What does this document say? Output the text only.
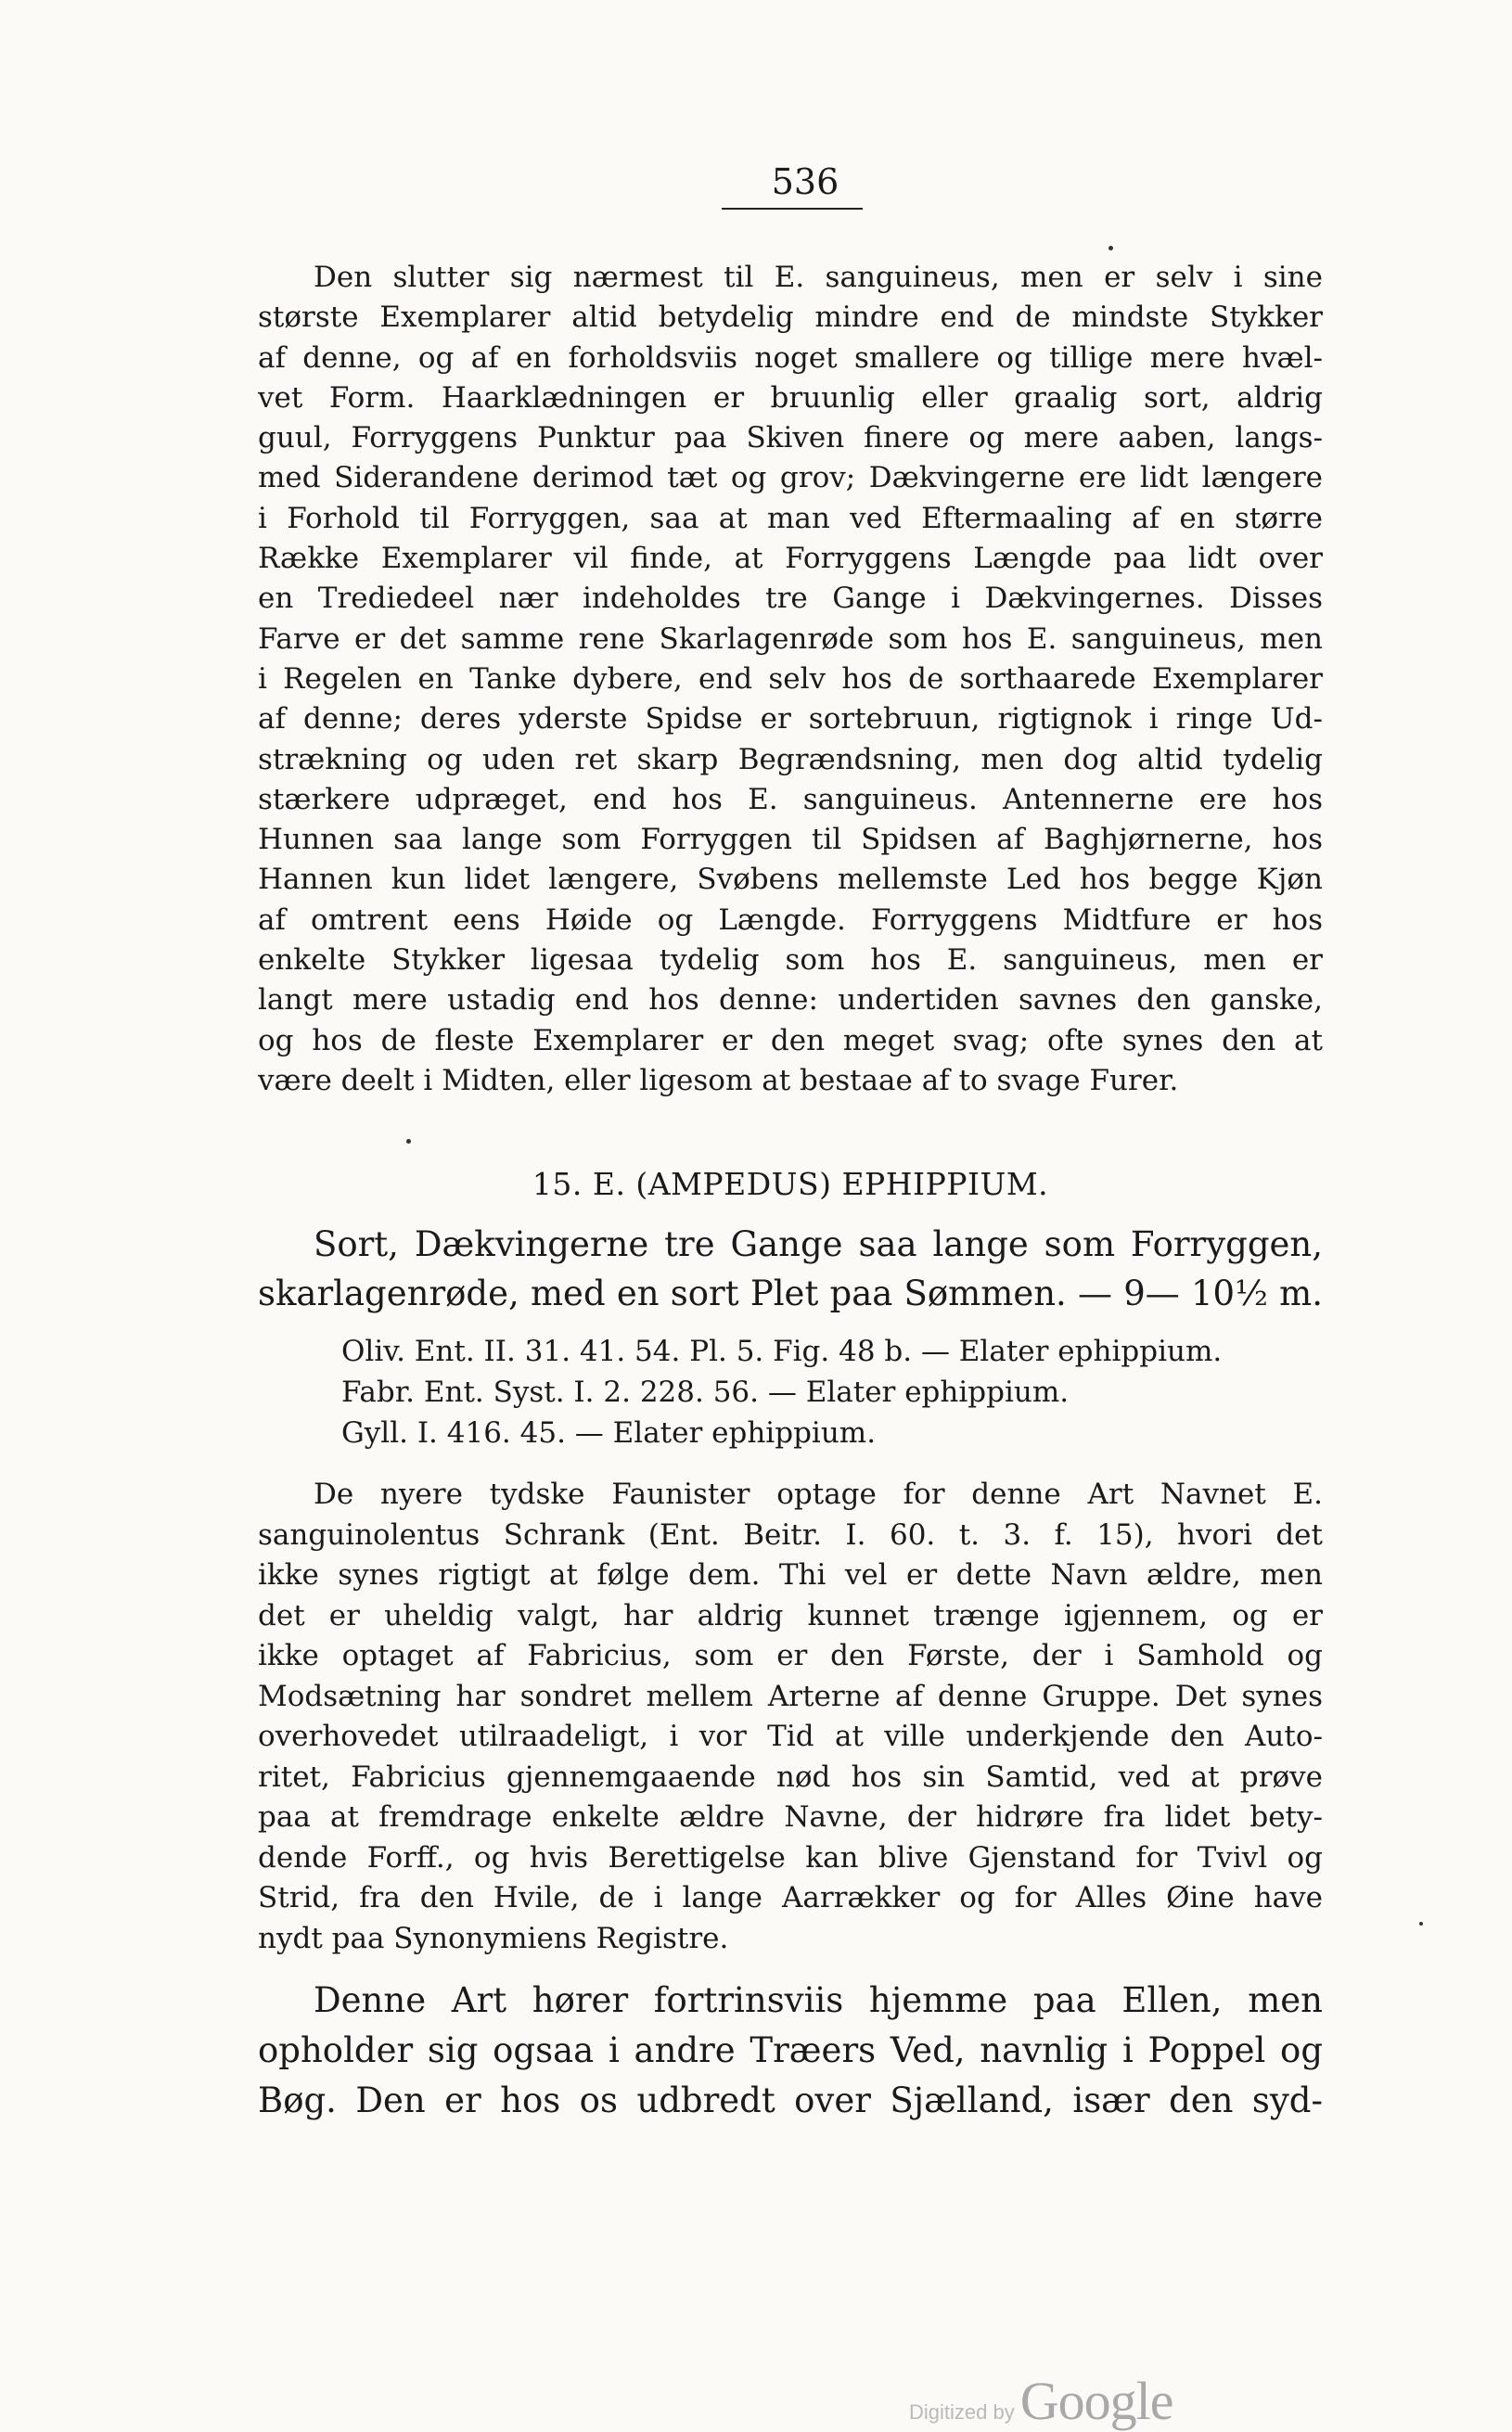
536
Den slutter sig nærmest til E. sanguineus, men er selv i sine
største Exemplarer altid betydelig mindre end de mindste Stykker
af denne, og af en forholdsviis noget smallere og tillige mere hvæl-
vet Form. Haarklædningen er bruunlig eller graalig sort, aldrig
guul, Forryggens Punktur paa Skiven finere og mere aaben, langs-
med Siderandene derimod tæt og grov; Dækvingerne ere lidt længere
i Forhold til Forryggen, saa at man ved Eftermaaling af en større
Række Exemplarer vil finde, at Forryggens Længde paa lidt over
en Trediedeel nær indeholdes tre Gange i Dækvingernes. Disses
Farve er det samme rene Skarlagenrøde som hos E. sanguineus, men
i Regelen en Tanke dybere, end selv hos de sorthaarede Exemplarer
af denne; deres yderste Spidse er sortebruun, rigtignok i ringe Ud-
strækning og uden ret skarp Begrændsning, men dog altid tydelig
stærkere udpræget, end hos E. sanguineus. Antennerne ere hos
Hunnen saa lange som Forryggen til Spidsen af Baghjørnerne, hos
Hannen kun lidet længere, Svøbens mellemste Led hos begge Kjøn
af omtrent eens Høide og Længde. Forryggens Midtfure er hos
enkelte Stykker ligesaa tydelig som hos E. sanguineus, men er
langt mere ustadig end hos denne: undertiden savnes den ganske,
og hos de fleste Exemplarer er den meget svag; ofte synes den at
være deelt i Midten, eller ligesom at bestaae af to svage Furer.
15. E. (AMPEDUS) EPHIPPIUM.
Sort, Dækvingerne tre Gange saa lange som Forryggen,
skarlagenrøde, med en sort Plet paa Sømmen. — 9— 10½ m.
Oliv. Ent. II. 31. 41. 54. Pl. 5. Fig. 48 b. — Elater ephippium.
Fabr. Ent. Syst. I. 2. 228. 56. — Elater ephippium.
Gyll. I. 416. 45. — Elater ephippium.
De nyere tydske Faunister optage for denne Art Navnet E.
sanguinolentus Schrank (Ent. Beitr. I. 60. t. 3. f. 15), hvori det
ikke synes rigtigt at følge dem. Thi vel er dette Navn ældre, men
det er uheldig valgt, har aldrig kunnet trænge igjennem, og er
ikke optaget af Fabricius, som er den Første, der i Samhold og
Modsætning har sondret mellem Arterne af denne Gruppe. Det synes
overhovedet utilraadeligt, i vor Tid at ville underkjende den Auto-
ritet, Fabricius gjennemgaaende nød hos sin Samtid, ved at prøve
paa at fremdrage enkelte ældre Navne, der hidrøre fra lidet bety-
dende Forff., og hvis Berettigelse kan blive Gjenstand for Tvivl og
Strid, fra den Hvile, de i lange Aarrækker og for Alles Øine have
nydt paa Synonymiens Registre.
Denne Art hører fortrinsviis hjemme paa Ellen, men
opholder sig ogsaa i andre Træers Ved, navnlig i Poppel og
Bøg. Den er hos os udbredt over Sjælland, især den syd-
Digitized by Google
